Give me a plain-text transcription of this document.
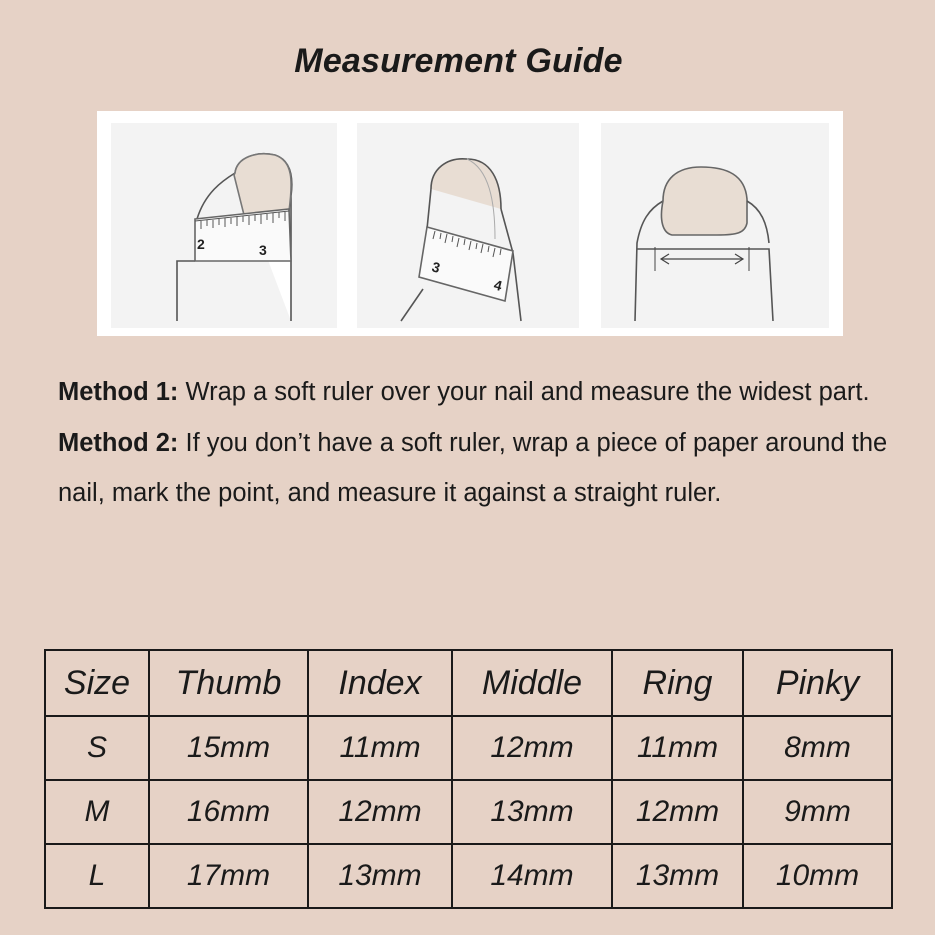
Measurement Guide
2	3
3
4

Method 1: Wrap a soft ruler over your nail and measure the widest part.

Method 2: If you don’t have a soft ruler, wrap a piece of paper around the nail, mark the point, and measure it against a straight ruler.

Size	Thumb	Index	Middle	Ring	Pinky
S	15mm	11mm	12mm	11mm	8mm
M	16mm	12mm	13mm	12mm	9mm
L	17mm	13mm	14mm	13mm	10mm
